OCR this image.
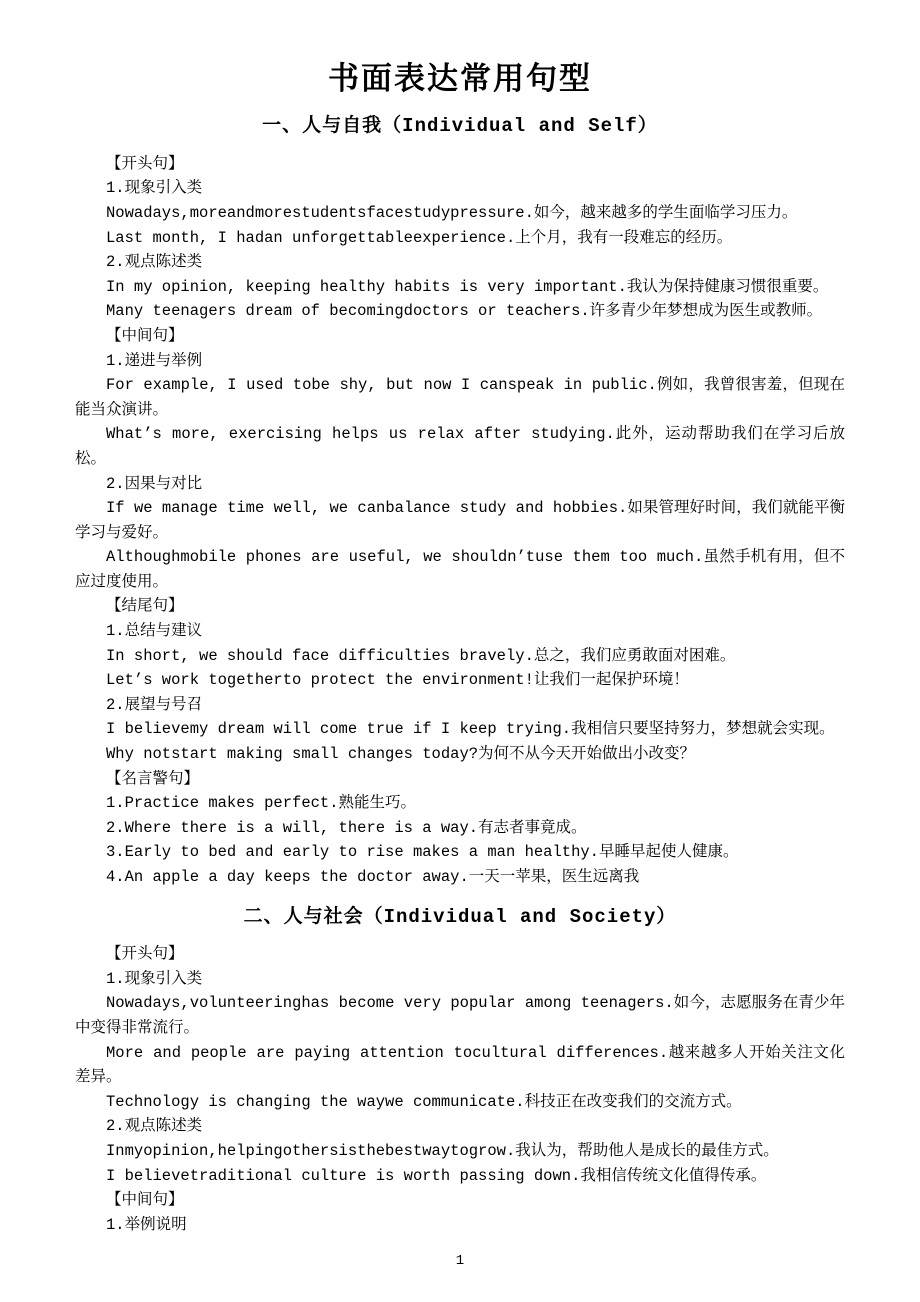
书面表达常用句型
一、人与自我（Individual and Self）

【开头句】

1.现象引入类

Nowadays,moreandmorestudentsfacestudypressure.如今，越来越多的学生面临学习压力。

Last month, I hadan unforgettableexperience.上个月，我有一段难忘的经历。

2.观点陈述类

In my opinion, keeping healthy habits is very important.我认为保持健康习惯很重要。

Many teenagers dream of becomingdoctors or teachers.许多青少年梦想成为医生或教师。

【中间句】

1.递进与举例

For example, I used tobe shy, but now I canspeak in public.例如，我曾很害羞，但现在能当众演讲。

What’s more, exercising helps us relax after studying.此外，运动帮助我们在学习后放松。

2.因果与对比

If we manage time well, we canbalance study and hobbies.如果管理好时间，我们就能平衡学习与爱好。

Althoughmobile phones are useful, we shouldn’tuse them too much.虽然手机有用，但不应过度使用。

【结尾句】

1.总结与建议

In short, we should face difficulties bravely.总之，我们应勇敢面对困难。

Let’s work togetherto protect the environment!让我们一起保护环境！

2.展望与号召

I believemy dream will come true if I keep trying.我相信只要坚持努力，梦想就会实现。

Why notstart making small changes today?为何不从今天开始做出小改变？

【名言警句】

1.Practice makes perfect.熟能生巧。

2.Where there is a will, there is a way.有志者事竟成。

3.Early to bed and early to rise makes a man healthy.早睡早起使人健康。

4.An apple a day keeps the doctor away.一天一苹果，医生远离我

二、人与社会（Individual and Society）

【开头句】

1.现象引入类

Nowadays,volunteeringhas become very popular among teenagers.如今，志愿服务在青少年中变得非常流行。

More and people are paying attention tocultural differences.越来越多人开始关注文化差异。

Technology is changing the waywe communicate.科技正在改变我们的交流方式。

2.观点陈述类

Inmyopinion,helpingothersisthebestwaytogrow.我认为，帮助他人是成长的最佳方式。

I believetraditional culture is worth passing down.我相信传统文化值得传承。

【中间句】

1.举例说明

1
